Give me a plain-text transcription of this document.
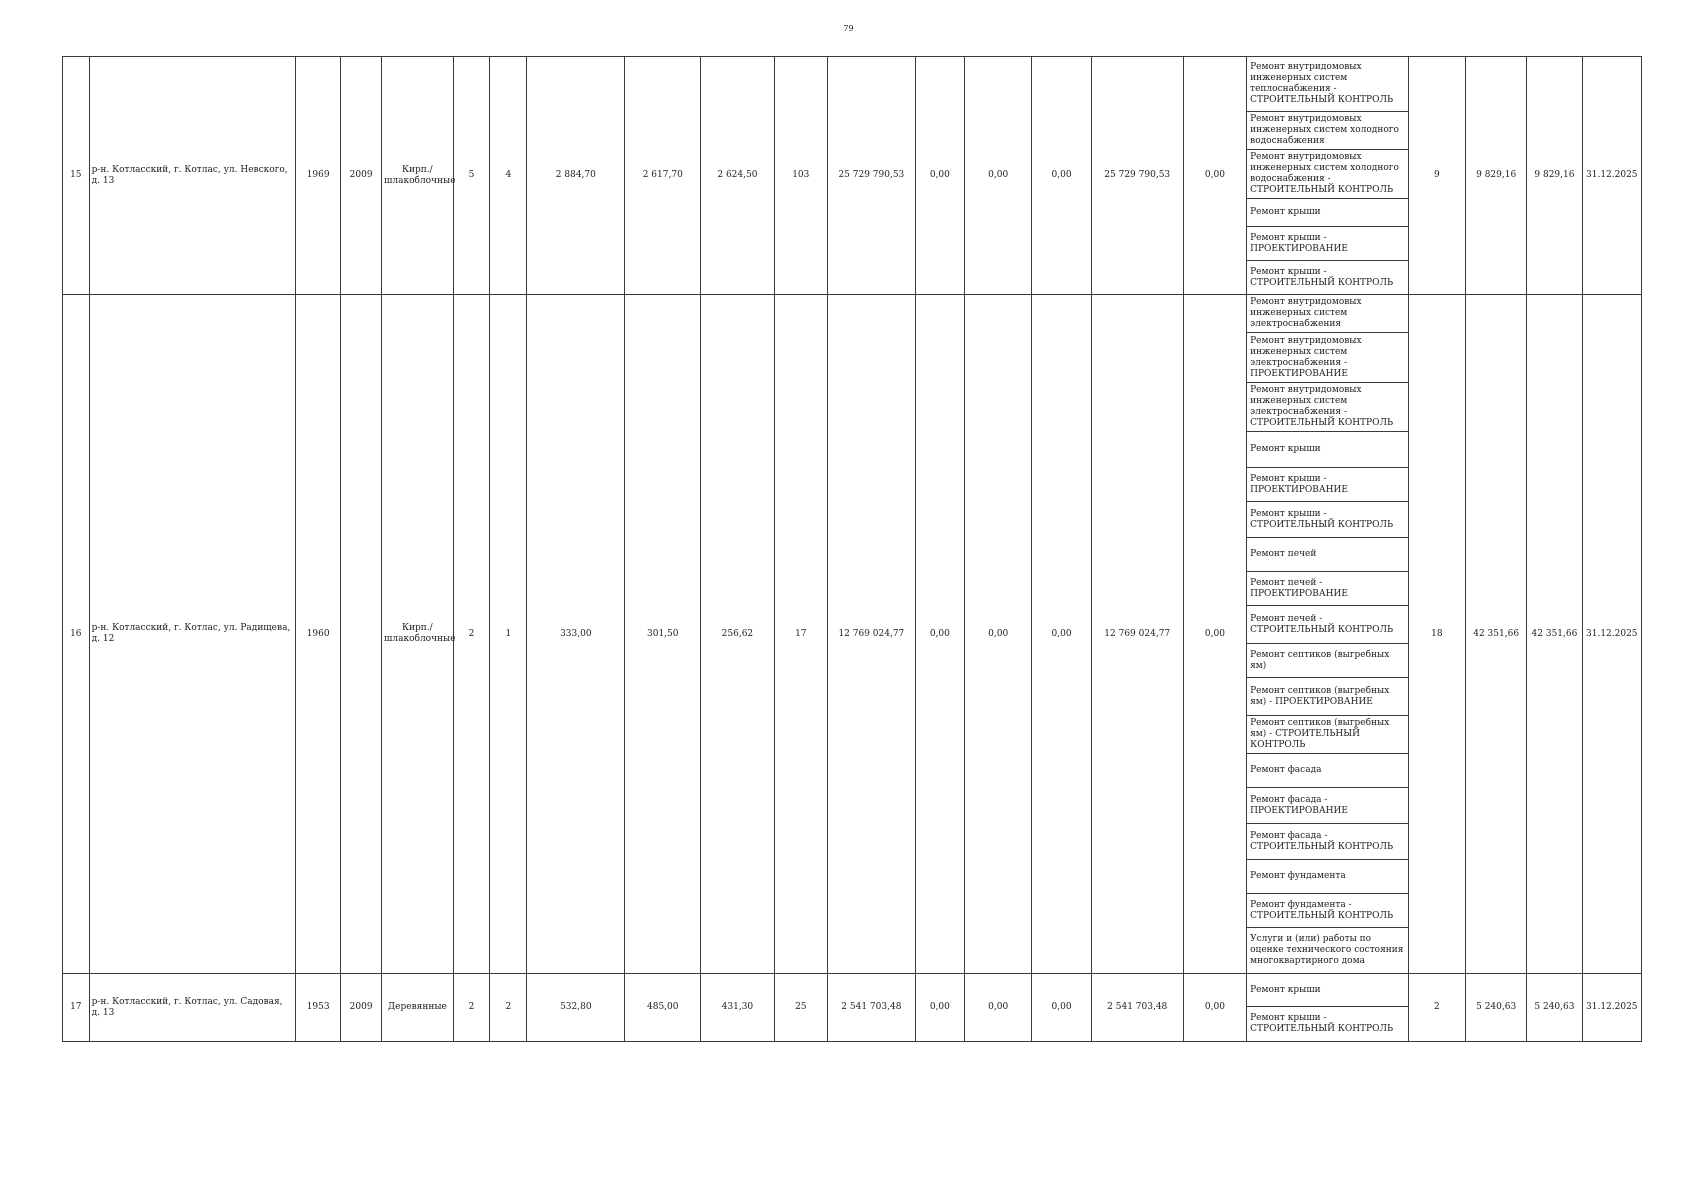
79
15	р-н. Котласский, г. Котлас, ул. Невского, д. 13	1969	2009	Кирп./ шлакоблочные	5	4	2 884,70	2 617,70	2 624,50	103	25 729 790,53	0,00	0,00	0,00	25 729 790,53	0,00	Ремонт внутридомовых инженерных систем теплоснабжения - СТРОИТЕЛЬНЫЙ КОНТРОЛЬ	9	9 829,16	9 829,16	31.12.2025
																	Ремонт внутридомовых инженерных систем холодного водоснабжения				
																	Ремонт внутридомовых инженерных систем холодного водоснабжения - СТРОИТЕЛЬНЫЙ КОНТРОЛЬ				
																	Ремонт крыши				
																	Ремонт крыши - ПРОЕКТИРОВАНИЕ				
																	Ремонт крыши - СТРОИТЕЛЬНЫЙ КОНТРОЛЬ				
16	р-н. Котласский, г. Котлас, ул. Радищева, д. 12	1960		Кирп./ шлакоблочные	2	1	333,00	301,50	256,62	17	12 769 024,77	0,00	0,00	0,00	12 769 024,77	0,00	Ремонт внутридомовых инженерных систем электроснабжения	18	42 351,66	42 351,66	31.12.2025
																	Ремонт внутридомовых инженерных систем электроснабжения - ПРОЕКТИРОВАНИЕ				
																	Ремонт внутридомовых инженерных систем электроснабжения - СТРОИТЕЛЬНЫЙ КОНТРОЛЬ				
																	Ремонт крыши				
																	Ремонт крыши - ПРОЕКТИРОВАНИЕ				
																	Ремонт крыши - СТРОИТЕЛЬНЫЙ КОНТРОЛЬ				
																	Ремонт печей				
																	Ремонт печей - ПРОЕКТИРОВАНИЕ				
																	Ремонт печей - СТРОИТЕЛЬНЫЙ КОНТРОЛЬ				
																	Ремонт септиков (выгребных ям)				
																	Ремонт септиков (выгребных ям) - ПРОЕКТИРОВАНИЕ				
																	Ремонт септиков (выгребных ям) - СТРОИТЕЛЬНЫЙ КОНТРОЛЬ				
																	Ремонт фасада				
																	Ремонт фасада - ПРОЕКТИРОВАНИЕ				
																	Ремонт фасада - СТРОИТЕЛЬНЫЙ КОНТРОЛЬ				
																	Ремонт фундамента				
																	Ремонт фундамента - СТРОИТЕЛЬНЫЙ КОНТРОЛЬ				
																	Услуги и (или) работы по оценке технического состояния многоквартирного дома				
17	р-н. Котласский, г. Котлас, ул. Садовая, д. 13	1953	2009	Деревянные	2	2	532,80	485,00	431,30	25	2 541 703,48	0,00	0,00	0,00	2 541 703,48	0,00	Ремонт крыши	2	5 240,63	5 240,63	31.12.2025
																	Ремонт крыши - СТРОИТЕЛЬНЫЙ КОНТРОЛЬ				
